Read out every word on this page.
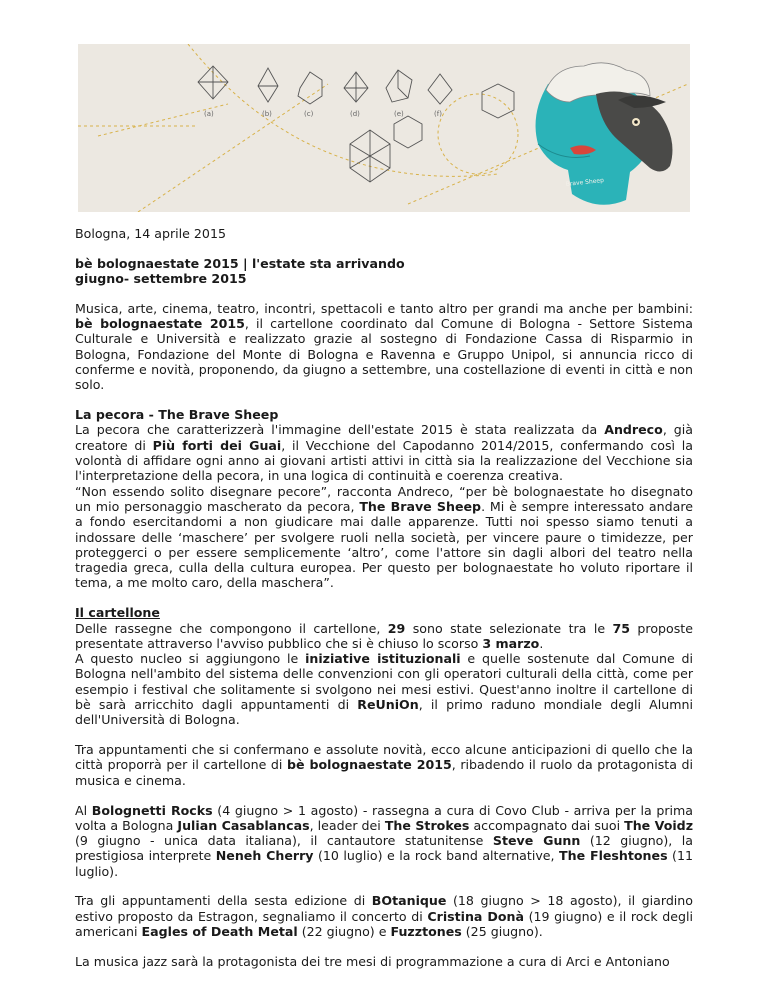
(a)	(b)	(c)	(d)	(e)	(f)
Brave Sheep

Bologna, 14 aprile 2015

bè bolognaestate 2015 | l'estate sta arrivando

giugno- settembre 2015

Musica, arte, cinema, teatro, incontri, spettacoli e tanto altro per grandi ma anche per bambini: bè bolognaestate 2015, il cartellone coordinato dal Comune di Bologna - Settore Sistema Culturale e Università e realizzato grazie al sostegno di Fondazione Cassa di Risparmio in Bologna, Fondazione del Monte di Bologna e Ravenna e Gruppo Unipol, si annuncia ricco di conferme e novità, proponendo, da giugno a settembre, una costellazione di eventi in città e non solo.

La pecora - The Brave Sheep

La pecora che caratterizzerà l'immagine dell'estate 2015 è stata realizzata da Andreco, già creatore di Più forti dei Guai, il Vecchione del Capodanno 2014/2015, confermando così la volontà di affidare ogni anno ai giovani artisti attivi in città sia la realizzazione del Vecchione sia l'interpretazione della pecora, in una logica di continuità e coerenza creativa.

“Non essendo solito disegnare pecore”, racconta Andreco, “per bè bolognaestate ho disegnato un mio personaggio mascherato da pecora, The Brave Sheep. Mi è sempre interessato andare a fondo esercitandomi a non giudicare mai dalle apparenze. Tutti noi spesso siamo tenuti a indossare delle ‘maschere’ per svolgere ruoli nella società, per vincere paure o timidezze, per proteggerci o per essere semplicemente ‘altro’, come l'attore sin dagli albori del teatro nella tragedia greca, culla della cultura europea. Per questo per bolognaestate ho voluto riportare il tema, a me molto caro, della maschera”.

Il cartellone

Delle rassegne che compongono il cartellone, 29 sono state selezionate tra le 75 proposte presentate attraverso l'avviso pubblico che si è chiuso lo scorso 3 marzo.

A questo nucleo si aggiungono le iniziative istituzionali e quelle sostenute dal Comune di Bologna nell'ambito del sistema delle convenzioni con gli operatori culturali della città, come per esempio i festival che solitamente si svolgono nei mesi estivi. Quest'anno inoltre il cartellone di bè sarà arricchito dagli appuntamenti di ReUniOn, il primo raduno mondiale degli Alumni dell'Università di Bologna.

Tra appuntamenti che si confermano e assolute novità, ecco alcune anticipazioni di quello che la città proporrà per il cartellone di bè bolognaestate 2015, ribadendo il ruolo da protagonista di musica e cinema.

Al Bolognetti Rocks (4 giugno > 1 agosto) - rassegna a cura di Covo Club - arriva per la prima volta a Bologna Julian Casablancas, leader dei The Strokes accompagnato dai suoi The Voidz (9 giugno - unica data italiana), il cantautore statunitense Steve Gunn (12 giugno), la prestigiosa interprete Neneh Cherry (10 luglio) e la rock band alternative, The Fleshtones (11 luglio).

Tra gli appuntamenti della sesta edizione di BOtanique (18 giugno > 18 agosto), il giardino estivo proposto da Estragon, segnaliamo il concerto di Cristina Donà (19 giugno) e il rock degli americani Eagles of Death Metal (22 giugno) e Fuzztones (25 giugno).

La musica jazz sarà la protagonista dei tre mesi di programmazione a cura di Arci e Antoniano
